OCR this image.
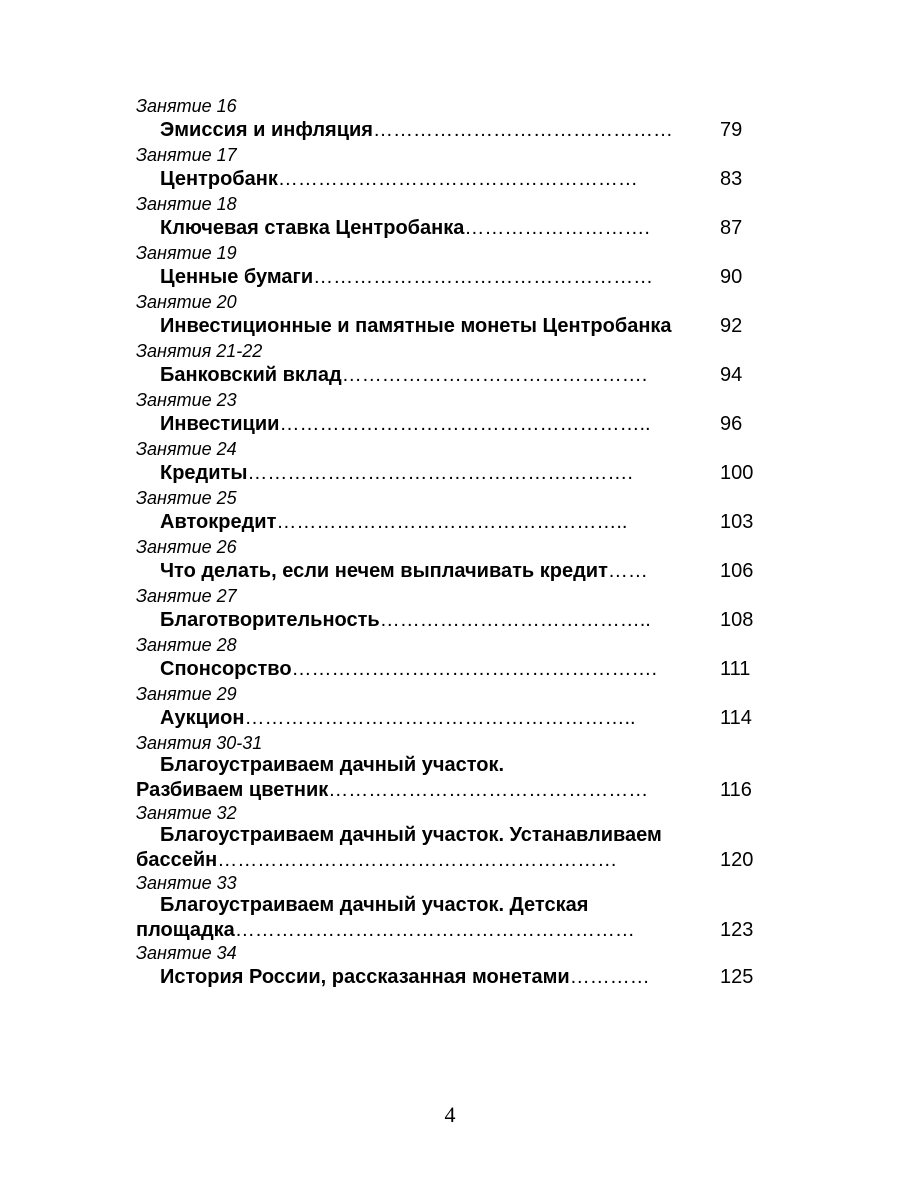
Занятие 16
Эмиссия и инфляция………………………………………	79
Занятие 17
Центробанк………………………………………………	83
Занятие 18
Ключевая ставка Центробанка……………………….	87
Занятие 19
Ценные бумаги……………………………………………	90
Занятие 20
Инвестиционные и памятные монеты Центробанка	92
Занятия 21-22
Банковский вклад……………………………………….	94
Занятие 23
Инвестиции………………………………………………..	96
Занятие 24
Кредиты………………………………………………….	100
Занятие 25
Автокредит……………………………………………..	103
Занятие 26
Что делать, если нечем выплачивать кредит……	106
Занятие 27
Благотворительность…………………………………..	108
Занятие 28
Спонсорство……………………………………………….	111
Занятие 29
Аукцион…………………………………………………..	114
Занятия 30-31
Благоустраиваем дачный участок.
Разбиваем цветник…………………………………………	116
Занятие 32
Благоустраиваем дачный участок. Устанавливаем
бассейн……………………………………………………	120
Занятие 33
Благоустраиваем дачный участок. Детская
площадка……………………………………………………	123
Занятие 34
История России, рассказанная монетами…………	125
4
